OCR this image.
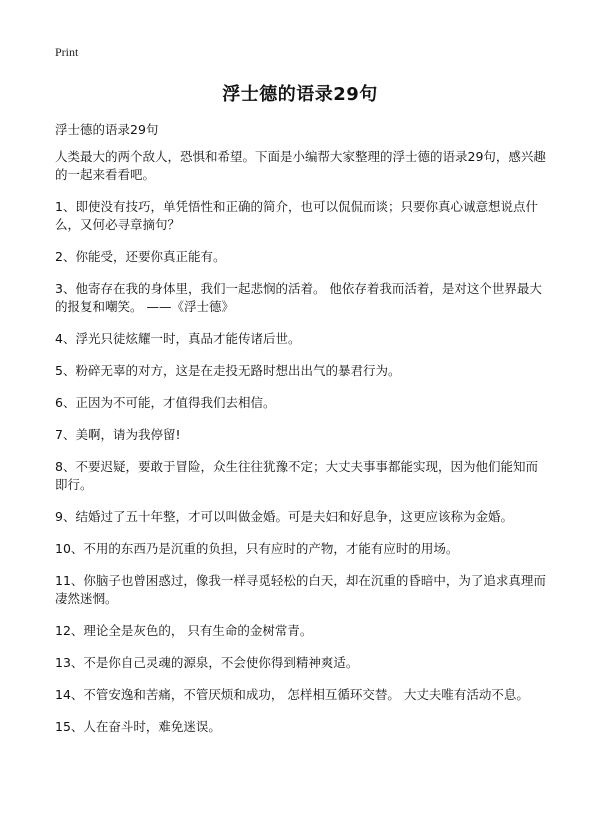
Print
浮士德的语录29句
浮士德的语录29句

人类最大的两个敌人，恐惧和希望。下面是小编帮大家整理的浮士德的语录29句，感兴趣的一起来看看吧。

1、即使没有技巧，单凭悟性和正确的简介，也可以侃侃而谈；只要你真心诚意想说点什么，又何必寻章摘句？

2、你能受，还要你真正能有。

3、他寄存在我的身体里，我们一起悲悯的活着。 他依存着我而活着，是对这个世界最大的报复和嘲笑。 ——《浮士德》

4、浮光只徒炫耀一时，真品才能传诸后世。

5、粉碎无辜的对方，这是在走投无路时想出出气的暴君行为。

6、正因为不可能，才值得我们去相信。

7、美啊，请为我停留!

8、不要迟疑，要敢于冒险，众生往往犹豫不定；大丈夫事事都能实现，因为他们能知而即行。

9、结婚过了五十年整，才可以叫做金婚。可是夫妇和好息争，这更应该称为金婚。

10、不用的东西乃是沉重的负担，只有应时的产物，才能有应时的用场。

11、你脑子也曾困惑过，像我一样寻觅轻松的白天，却在沉重的昏暗中，为了追求真理而凄然迷惘。

12、理论全是灰色的， 只有生命的金树常青。

13、不是你自己灵魂的源泉，不会使你得到精神爽适。

14、不管安逸和苦痛，不管厌烦和成功， 怎样相互循环交替。 大丈夫唯有活动不息。

15、人在奋斗时，难免迷误。
